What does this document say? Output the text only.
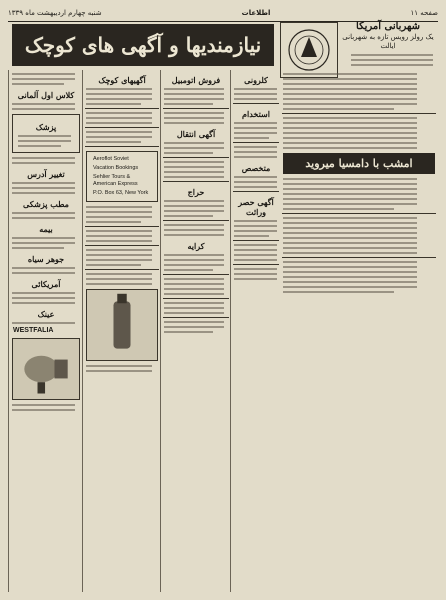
صفحه ۱۱
اطلاعات
شنبه چهارم اردیبهشت ماه ۱۳۳۹
نیازمندیها و آگهی های کوچک
شهربانی آمریکا
یک رولز رویس تازه به شهربانی ایالت
کلاس اول آلمانی
پزشک
تغییر آدرس
مطب پزشکی
بیمه
جوهر سیاه
آمریکائی
عینک
WESTFALIA
آگهیهای کوچک
Aeroflot Soviet
Vacation Bookings
Sehlier Tours & American Express
P.O. Box 63, New York
فروش اتومبیل
آگهی انتقال
حراج
کرایه
کلرونی
استخدام
متخصص
آگهی حصر وراثت
امشب با دامسیا میروید
